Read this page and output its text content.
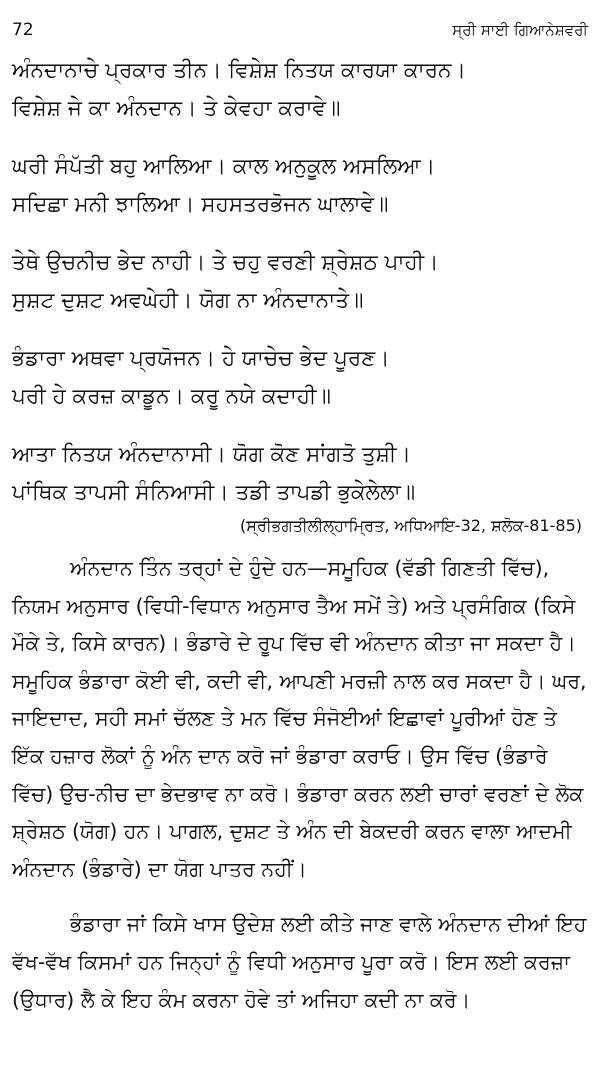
72	ਸ੍ਰੀ ਸਾਈ ਗਿਆਨੇਸ਼ਵਰੀ
ਅੰਨਦਾਨਾਚੇ ਪ੍ਰਕਾਰ ਤੀਨ। ਵਿਸ਼ੇਸ਼ ਨਿਤਯ ਕਾਰਯਾ ਕਾਰਨ।
ਵਿਸ਼ੇਸ਼ ਜੇ ਕਾ ਅੰਨਦਾਨ। ਤੇ ਕੇਵਹਾ ਕਰਾਵੇ॥
ਘਰੀ ਸੰਪੱਤੀ ਬਹੁ ਆਲਿਆ। ਕਾਲ ਅਨੁਕੂਲ ਅਸਲਿਆ।
ਸਦਿਛਾ ਮਨੀ ਝਾਲਿਆ। ਸਹਸਤਰਭੋਜਨ ਘਾਲਾਵੇ॥
ਤੇਥੇ ਉਚਨੀਚ ਭੇਦ ਨਾਹੀ। ਤੇ ਚਹੁ ਵਰਣੀ ਸ਼੍ਰੇਸ਼ਠ ਪਾਹੀ।
ਸੁਸ਼ਟ ਦੁਸ਼ਟ ਅਵਘੇਹੀ। ਯੋਗ ਨਾ ਅੰਨਦਾਨਾਤੇ॥
ਭੰਡਾਰਾ ਅਥਵਾ ਪ੍ਰਯੋਜਨ। ਹੇ ਯਾਚੇਚ ਭੇਦ ਪੂਰਣ।
ਪਰੀ ਹੇ ਕਰਜ਼ ਕਾਡੂਨ। ਕਰੂ ਨਯੇ ਕਦਾਹੀ॥
ਆਤਾ ਨਿਤਯ ਅੰਨਦਾਨਾਸੀ। ਯੋਗ ਕੋਣ ਸਾਂਗਤੋ ਤੁਸ਼ੀ।
ਪਾਂਥਿਕ ਤਾਪਸੀ ਸੰਨਿਆਸੀ। ਤਡੀ ਤਾਪਡੀ ਭੁਕੇਲੇਲਾ॥
(ਸ੍ਰੀਭਗਤੀਲੀਲ੍ਹਾਮ੍ਰਿਤ, ਅਧਿਆਇ-32, ਸ਼ਲੋਕ-81-85)

ਅੰਨਦਾਨ ਤਿੰਨ ਤਰ੍ਹਾਂ ਦੇ ਹੁੰਦੇ ਹਨ—ਸਮੂਹਿਕ (ਵੱਡੀ ਗਿਣਤੀ ਵਿੱਚ), ਨਿਯਮ ਅਨੁਸਾਰ (ਵਿਧੀ-ਵਿਧਾਨ ਅਨੁਸਾਰ ਤੈਅ ਸਮੇਂ ਤੇ) ਅਤੇ ਪ੍ਰਸੰਗਿਕ (ਕਿਸੇ ਮੌਕੇ ਤੇ, ਕਿਸੇ ਕਾਰਨ)। ਭੰਡਾਰੇ ਦੇ ਰੂਪ ਵਿੱਚ ਵੀ ਅੰਨਦਾਨ ਕੀਤਾ ਜਾ ਸਕਦਾ ਹੈ। ਸਮੂਹਿਕ ਭੰਡਾਰਾ ਕੋਈ ਵੀ, ਕਦੀ ਵੀ, ਆਪਣੀ ਮਰਜ਼ੀ ਨਾਲ ਕਰ ਸਕਦਾ ਹੈ। ਘਰ, ਜਾਇਦਾਦ, ਸਹੀ ਸਮਾਂ ਚੱਲਣ ਤੇ ਮਨ ਵਿੱਚ ਸੰਜੋਈਆਂ ਇਛਾਵਾਂ ਪੂਰੀਆਂ ਹੋਣ ਤੇ ਇੱਕ ਹਜ਼ਾਰ ਲੋਕਾਂ ਨੂੰ ਅੰਨ ਦਾਨ ਕਰੋ ਜਾਂ ਭੰਡਾਰਾ ਕਰਾਓ। ਉਸ ਵਿੱਚ (ਭੰਡਾਰੇ ਵਿੱਚ) ਉਚ-ਨੀਚ ਦਾ ਭੇਦਭਾਵ ਨਾ ਕਰੋ। ਭੰਡਾਰਾ ਕਰਨ ਲਈ ਚਾਰਾਂ ਵਰਣਾਂ ਦੇ ਲੋਕ ਸ਼੍ਰੇਸ਼ਠ (ਯੋਗ) ਹਨ। ਪਾਗਲ, ਦੁਸ਼ਟ ਤੇ ਅੰਨ ਦੀ ਬੇਕਦਰੀ ਕਰਨ ਵਾਲਾ ਆਦਮੀ ਅੰਨਦਾਨ (ਭੰਡਾਰੇ) ਦਾ ਯੋਗ ਪਾਤਰ ਨਹੀਂ।

ਭੰਡਾਰਾ ਜਾਂ ਕਿਸੇ ਖਾਸ ਉਦੇਸ਼ ਲਈ ਕੀਤੇ ਜਾਣ ਵਾਲੇ ਅੰਨਦਾਨ ਦੀਆਂ ਇਹ ਵੱਖ-ਵੱਖ ਕਿਸਮਾਂ ਹਨ ਜਿਨ੍ਹਾਂ ਨੂੰ ਵਿਧੀ ਅਨੁਸਾਰ ਪੂਰਾ ਕਰੋ। ਇਸ ਲਈ ਕਰਜ਼ਾ (ਉਧਾਰ) ਲੈ ਕੇ ਇਹ ਕੰਮ ਕਰਨਾ ਹੋਵੇ ਤਾਂ ਅਜਿਹਾ ਕਦੀ ਨਾ ਕਰੋ।
